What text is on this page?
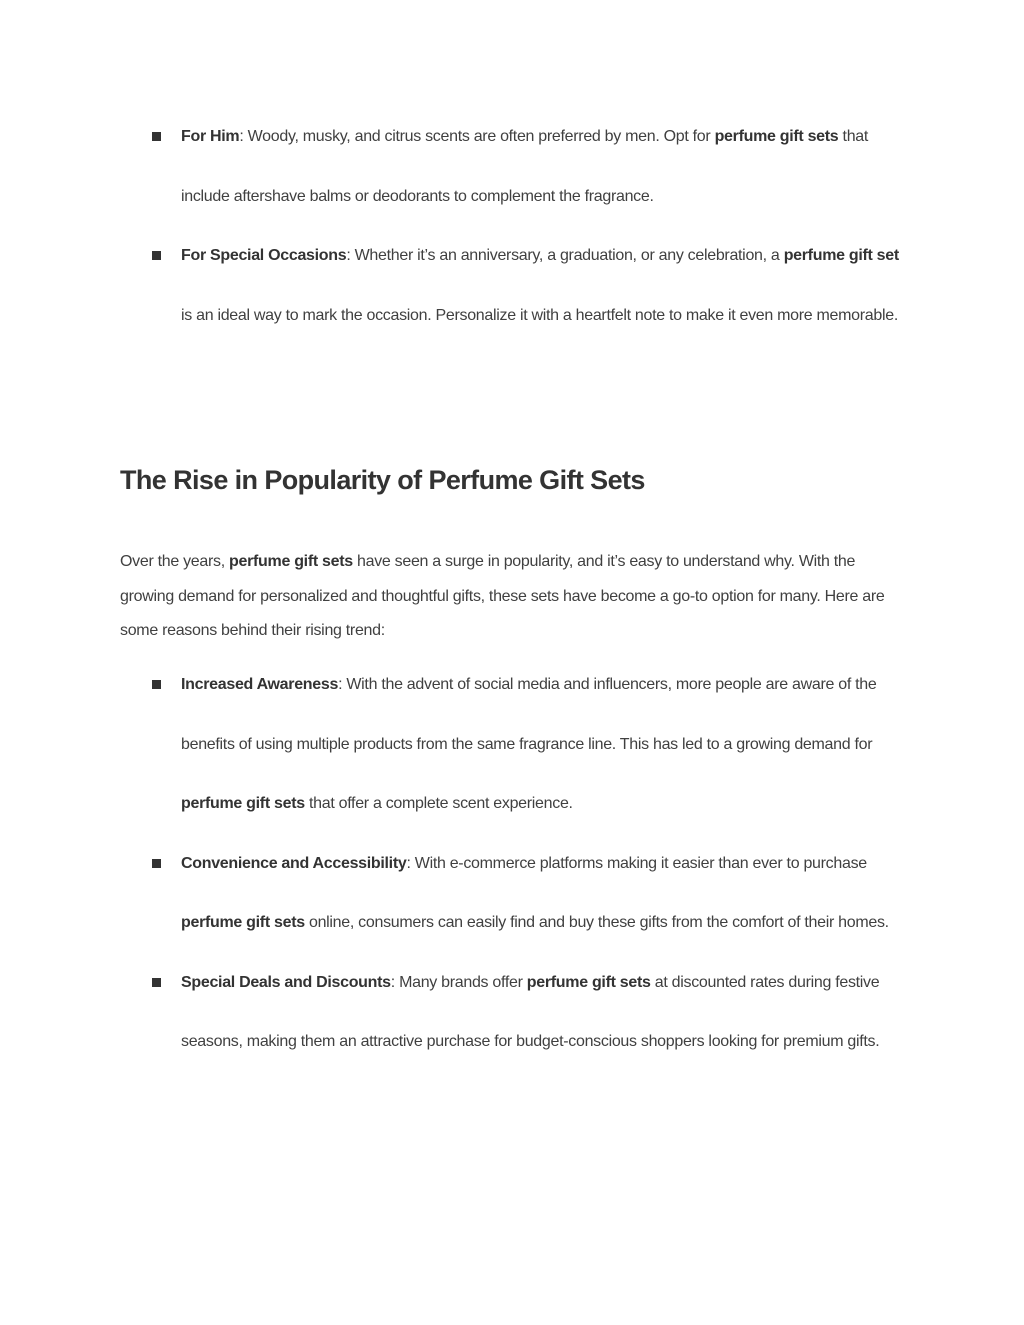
For Him: Woody, musky, and citrus scents are often preferred by men. Opt for perfume gift sets that include aftershave balms or deodorants to complement the fragrance.
For Special Occasions: Whether it’s an anniversary, a graduation, or any celebration, a perfume gift set is an ideal way to mark the occasion. Personalize it with a heartfelt note to make it even more memorable.
The Rise in Popularity of Perfume Gift Sets

Over the years, perfume gift sets have seen a surge in popularity, and it’s easy to understand why. With the growing demand for personalized and thoughtful gifts, these sets have become a go-to option for many. Here are some reasons behind their rising trend:

Increased Awareness: With the advent of social media and influencers, more people are aware of the benefits of using multiple products from the same fragrance line. This has led to a growing demand for perfume gift sets that offer a complete scent experience.
Convenience and Accessibility: With e-commerce platforms making it easier than ever to purchase perfume gift sets online, consumers can easily find and buy these gifts from the comfort of their homes.
Special Deals and Discounts: Many brands offer perfume gift sets at discounted rates during festive seasons, making them an attractive purchase for budget-conscious shoppers looking for premium gifts.
